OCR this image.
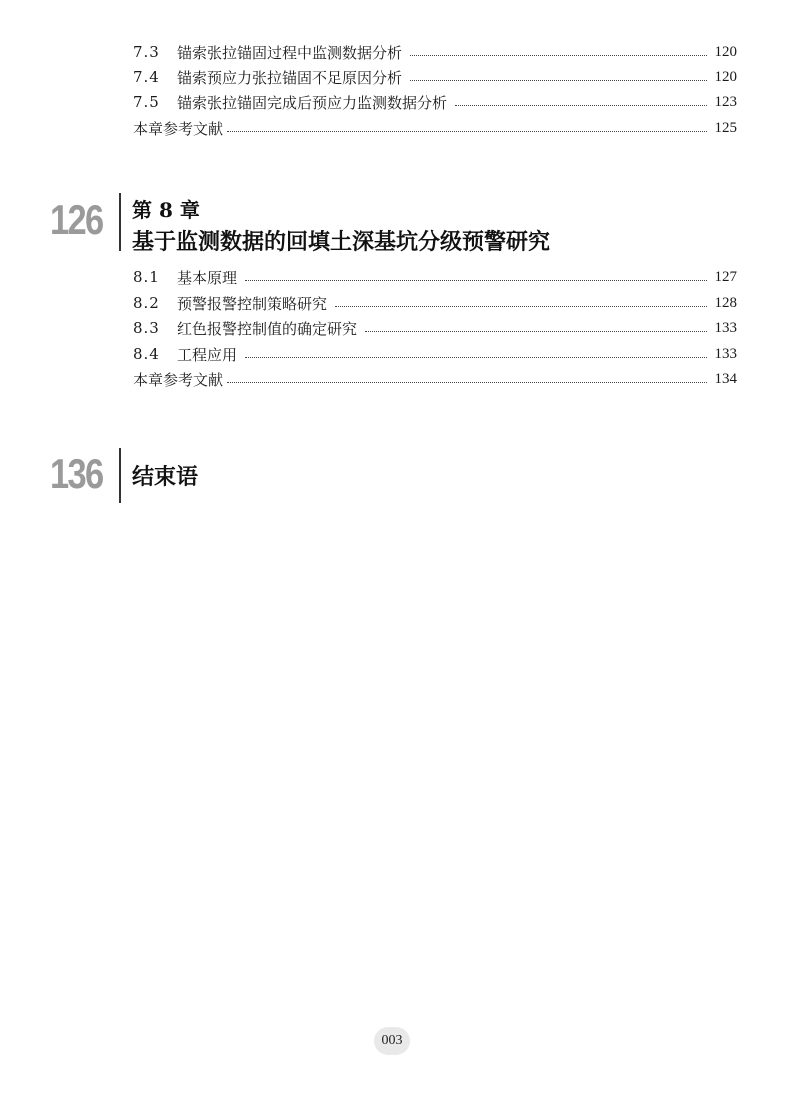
7.3	锚索张拉锚固过程中监测数据分析	120
7.4	锚索预应力张拉锚固不足原因分析	120
7.5	锚索张拉锚固完成后预应力监测数据分析	123
本章参考文献	125
126 第 8 章
基于监测数据的回填土深基坑分级预警研究
8.1	基本原理	127
8.2	预警报警控制策略研究	128
8.3	红色报警控制值的确定研究	133
8.4	工程应用	133
本章参考文献	134
136 结束语
003
